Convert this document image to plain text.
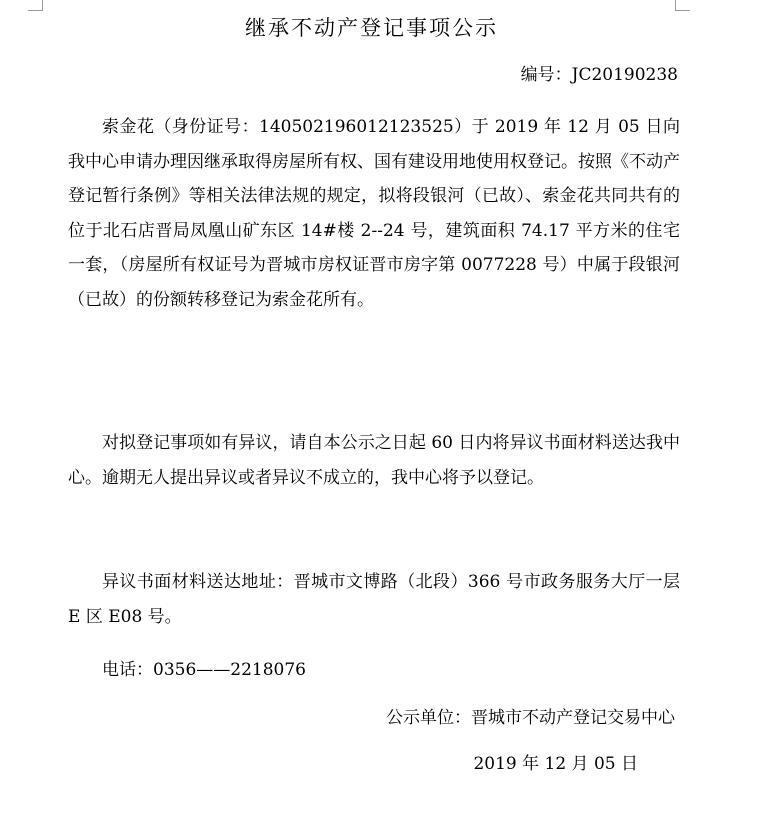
继承不动产登记事项公示
编号：JC20190238
索金花（身份证号：140502196012123525）于 2019 年 12 月 05 日向我中心申请办理因继承取得房屋所有权、国有建设用地使用权登记。按照《不动产登记暂行条例》等相关法律法规的规定，拟将段银河（已故）、索金花共同共有的位于北石店晋局凤凰山矿东区 14#楼 2--24 号，建筑面积 74.17 平方米的住宅一套，（房屋所有权证号为晋城市房权证晋市房字第 0077228 号）中属于段银河（已故）的份额转移登记为索金花所有。
对拟登记事项如有异议，请自本公示之日起 60 日内将异议书面材料送达我中心。逾期无人提出异议或者异议不成立的，我中心将予以登记。
异议书面材料送达地址：晋城市文博路（北段）366 号市政务服务大厅一层 E 区 E08 号。
电话：0356——2218076
公示单位：晋城市不动产登记交易中心
2019 年 12 月 05 日
